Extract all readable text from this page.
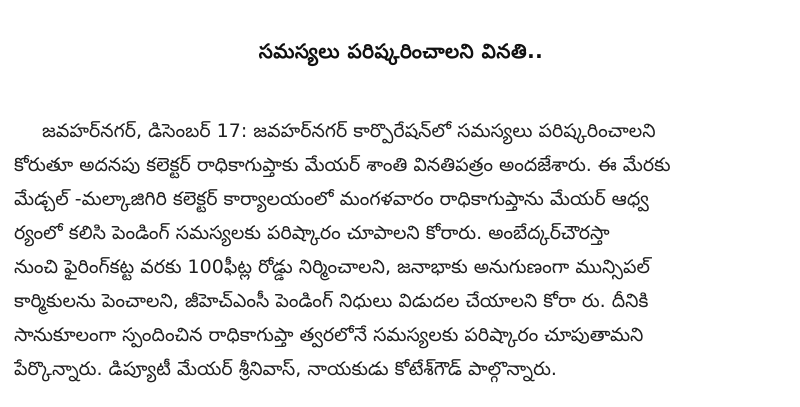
సమస్యలు పరిష్కరించాలని వినతి..
జవహర్‌నగర్, డిసెంబర్ 17: జవహర్‌నగర్ కార్పొరేషన్‌లో సమస్యలు పరిష్కరించాలని
కోరుతూ అదనపు కలెక్టర్ రాధికాగుప్తాకు మేయర్ శాంతి వినతిపత్రం అందజేశారు. ఈ మేరకు
మేడ్చల్ -మల్కాజిగిరి కలెక్టర్ కార్యాలయంలో మంగళవారం రాధికాగుప్తాను మేయర్ ఆధ్వ
ర్యంలో కలిసి పెండింగ్ సమస్యలకు పరిష్కారం చూపాలని కోరారు. అంబేద్కర్‌చౌరస్తా
నుంచి ఫైరింగ్‌కట్ట వరకు 100ఫీట్ల రోడ్డు నిర్మించాలని, జనాభాకు అనుగుణంగా మున్సిపల్
కార్మికులను పెంచాలని, జీహెచ్‌ఎంసీ పెండింగ్ నిధులు విడుదల చేయాలని కోరా రు. దీనికి
సానుకూలంగా స్పందించిన రాధికాగుప్తా త్వరలోనే సమస్యలకు పరిష్కారం చూపుతామని
పేర్కొన్నారు. డిప్యూటీ మేయర్ శ్రీనివాస్, నాయకుడు కోటేశ్‌గౌడ్ పాల్గొన్నారు.
